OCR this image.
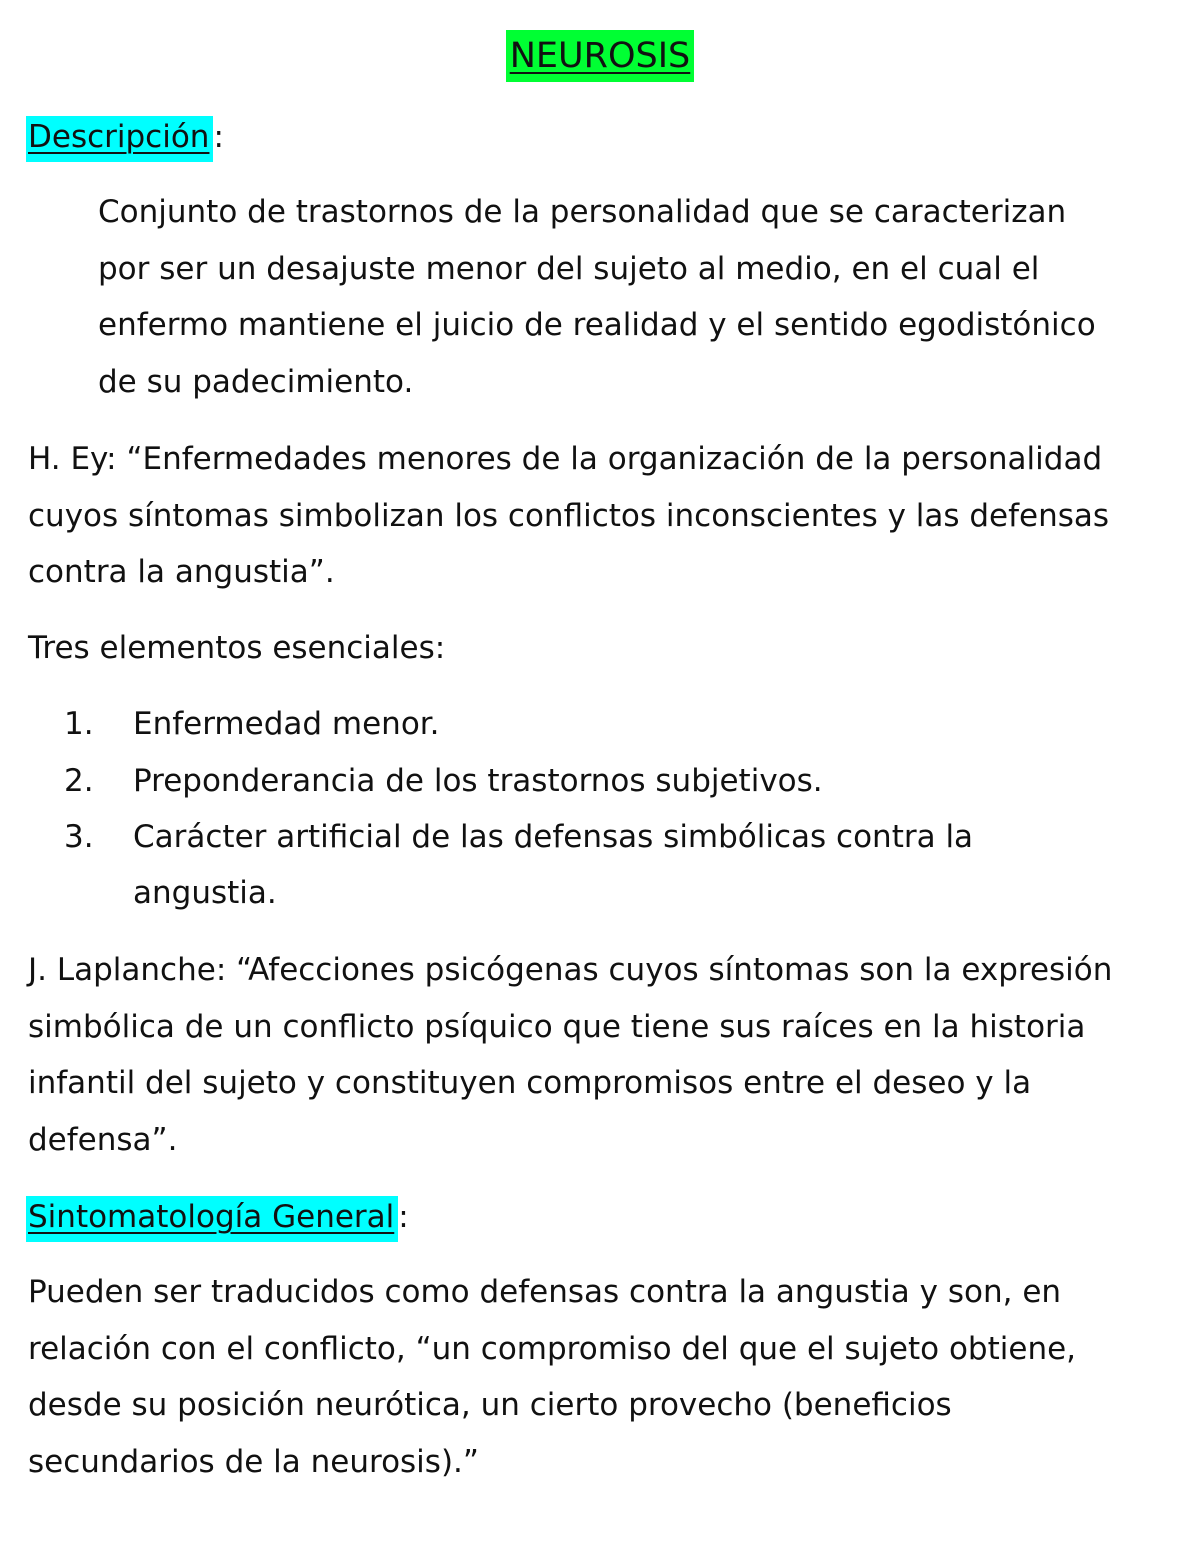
NEUROSIS
Descripción :
Conjunto de trastornos de la personalidad que se caracterizan
por ser un desajuste menor del sujeto al medio, en el cual el
enfermo mantiene el juicio de realidad y el sentido egodistónico
de su padecimiento.
H. Ey: “Enfermedades menores de la organización de la personalidad
cuyos síntomas simbolizan los conflictos inconscientes y las defensas
contra la angustia”.
Tres elementos esenciales:
1. Enfermedad menor.
2. Preponderancia de los trastornos subjetivos.
3. Carácter artificial de las defensas simbólicas contra la
angustia.
J. Laplanche: “Afecciones psicógenas cuyos síntomas son la expresión
simbólica de un conflicto psíquico que tiene sus raíces en la historia
infantil del sujeto y constituyen compromisos entre el deseo y la
defensa”.
Sintomatología General :
Pueden ser traducidos como defensas contra la angustia y son, en
relación con el conflicto, “un compromiso del que el sujeto obtiene,
desde su posición neurótica, un cierto provecho (beneficios
secundarios de la neurosis).”
